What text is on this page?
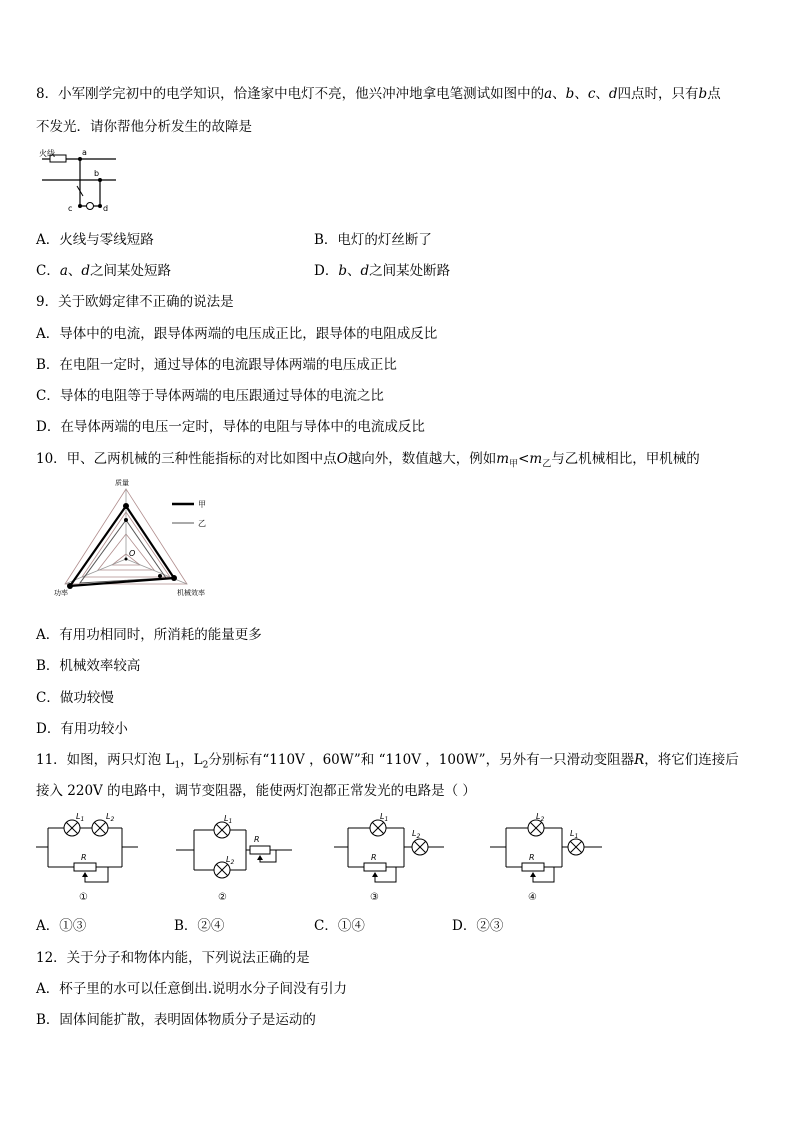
8．小军刚学完初中的电学知识，恰逢家中电灯不亮，他兴冲冲地拿电笔测试如图中的a、b、c、d四点时，只有b点
不发光．请你帮他分析发生的故障是
火线	a
b
c	d
A．火线与零线短路	B．电灯的灯丝断了
C．a、d之间某处短路	D．b、d之间某处断路
9．关于欧姆定律不正确的说法是
A．导体中的电流，跟导体两端的电压成正比，跟导体的电阻成反比
B．在电阻一定时，通过导体的电流跟导体两端的电压成正比
C．导体的电阻等于导体两端的电压跟通过导体的电流之比
D．在导体两端的电压一定时，导体的电阻与导体中的电流成反比
10．甲、乙两机械的三种性能指标的对比如图中点O越向外，数值越大，例如$m_甲<m_乙$与乙机械相比，甲机械的
O
质量
功率	机械效率
甲
乙
A．有用功相同时，所消耗的能量更多
B．机械效率较高
C．做功较慢
D．有用功较小
11．如图，两只灯泡 $L_1$，$L_2$分别标有“110V ，60W”和 “110V ，100W”，另外有一只滑动变阻器R，将它们连接后
接入 220V 的电路中，调节变阻器，能使两灯泡都正常发光的电路是（ ）
$L_1$	$L_2$
R
①
$L_1$
$L_2$
R
②
$L_1$
R
$L_2$
③
$L_2$
R
$L_1$
④
A．①③	B．②④	C．①④	D．②③
12．关于分子和物体内能，下列说法正确的是
A．杯子里的水可以任意倒出.说明水分子间没有引力
B．固体间能扩散，表明固体物质分子是运动的
